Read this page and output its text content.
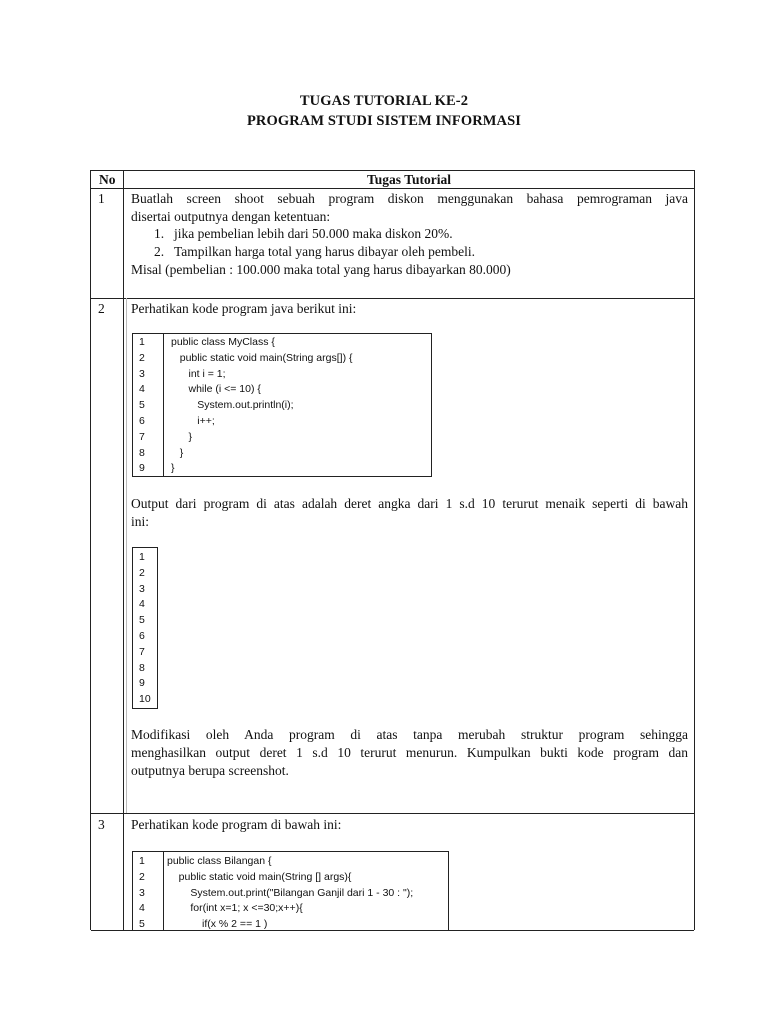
TUGAS TUTORIAL KE-2
PROGRAM STUDI SISTEM INFORMASI
No	Tugas Tutorial
1 Buatlah screen shoot sebuah program diskon menggunakan bahasa pemrograman java
disertai outputnya dengan ketentuan:
1. jika pembelian lebih dari 50.000 maka diskon 20%.
2. Tampilkan harga total yang harus dibayar oleh pembeli.
Misal (pembelian : 100.000 maka total yang harus dibayarkan 80.000)
2 Perhatikan kode program java berikut ini:
1 public class MyClass {
2 public static void main(String args[]) {
3 int i = 1;
4 while (i <= 10) {
5 System.out.println(i);
6 i++;
7 }
8 }
9 }
Output dari program di atas adalah deret angka dari 1 s.d 10 terurut menaik seperti di bawah
ini:
1
2
3
4
5
6
7
8
9
10
Modifikasi oleh Anda program di atas tanpa merubah struktur program sehingga
menghasilkan output deret 1 s.d 10 terurut menurun. Kumpulkan bukti kode program dan
outputnya berupa screenshot.
3 Perhatikan kode program di bawah ini:
1 public class Bilangan {
2 public static void main(String [] args){
3 System.out.print("Bilangan Ganjil dari 1 - 30 : ");
4 for(int x=1; x <=30;x++){
5 if(x % 2 == 1 )
